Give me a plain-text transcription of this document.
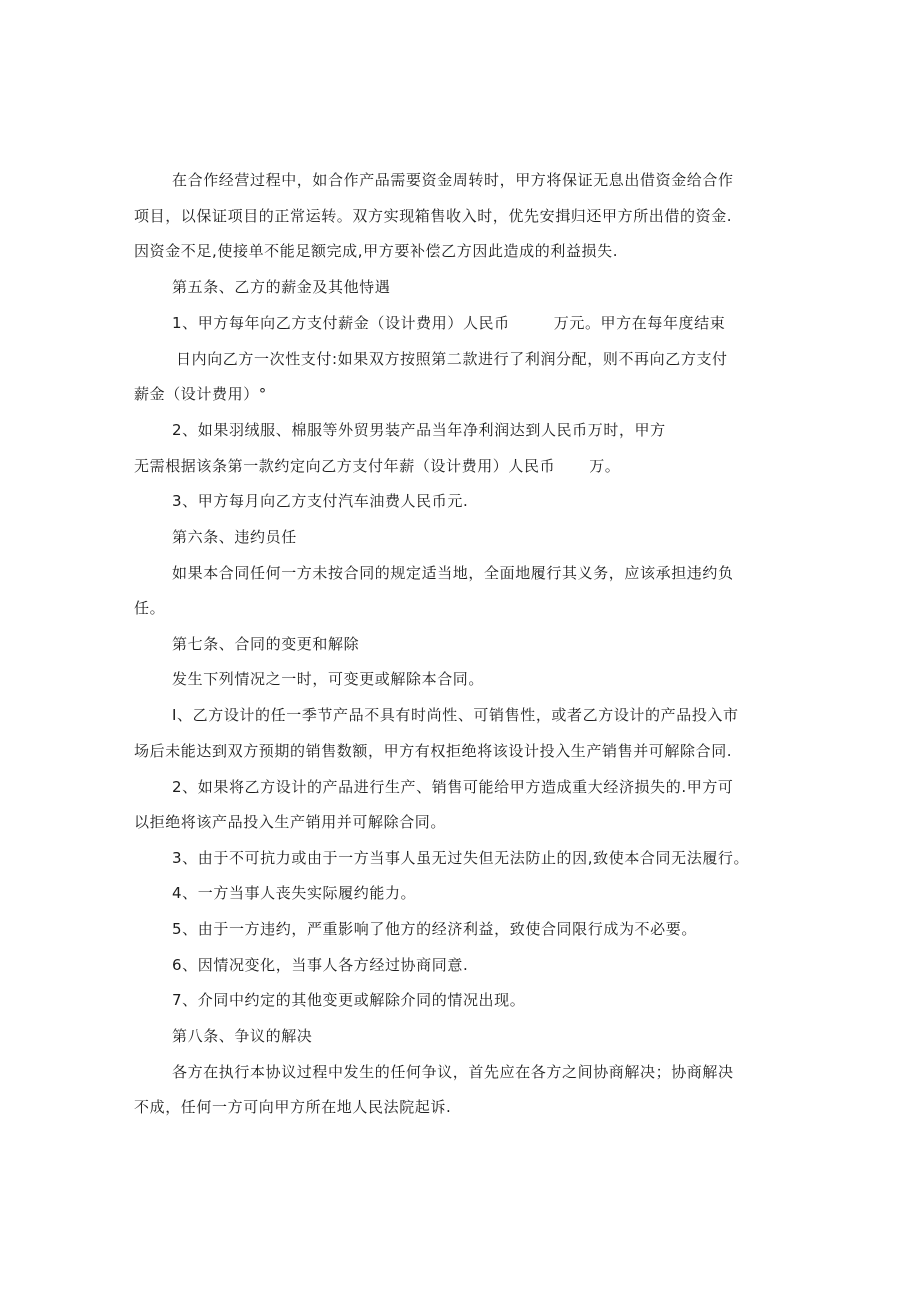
在合作经营过程中，如合作产品需要资金周转时，甲方将保证无息出借资金给合作
项目，以保证项目的正常运转。双方实现箱售收入时，优先安揖归还甲方所出借的资金.
因资金不足,使接单不能足额完成,甲方要补偿乙方因此造成的利益损失.
第五条、乙方的薪金及其他恃遇
1、甲方每年向乙方支付薪金（设计费用）人民币	万元。甲方在每年度结束
日内向乙方一次性支付:如果双方按照第二款进行了利润分配，则不再向乙方支付
薪金（设计费用）°
2、如果羽绒服、棉服等外贸男装产品当年净利润达到人民币万时，甲方
无需根据该条第一款约定向乙方支付年薪（设计费用）人民币 万。
3、甲方每月向乙方支付汽车油费人民币元.
第六条、违约员任
如果本合同任何一方未按合同的规定适当地，全面地履行其义务，应该承担违约负
任。
第七条、合同的变更和解除
发生下列情况之一时，可变更或解除本合同。
I、乙方设计的任一季节产品不具有时尚性、可销售性，或者乙方设计的产品投入市
场后未能达到双方预期的销售数额，甲方有权拒绝将该设计投入生产销售并可解除合同.
2、如果将乙方设计的产品进行生产、销售可能给甲方造成重大经济损失的.甲方可
以拒绝将该产品投入生产销用并可解除合同。
3、由于不可抗力或由于一方当事人虽无过失但无法防止的因,致使本合同无法履行。
4、一方当事人丧失实际履约能力。
5、由于一方违约，严重影响了他方的经济利益，致使合同限行成为不必要。
6、因情况变化，当事人各方经过协商同意.
7、介同中约定的其他变更或解除介同的情况出现。
第八条、争议的解决
各方在执行本协议过程中发生的任何争议，首先应在各方之间协商解决；协商解决
不成，任何一方可向甲方所在地人民法院起诉.
